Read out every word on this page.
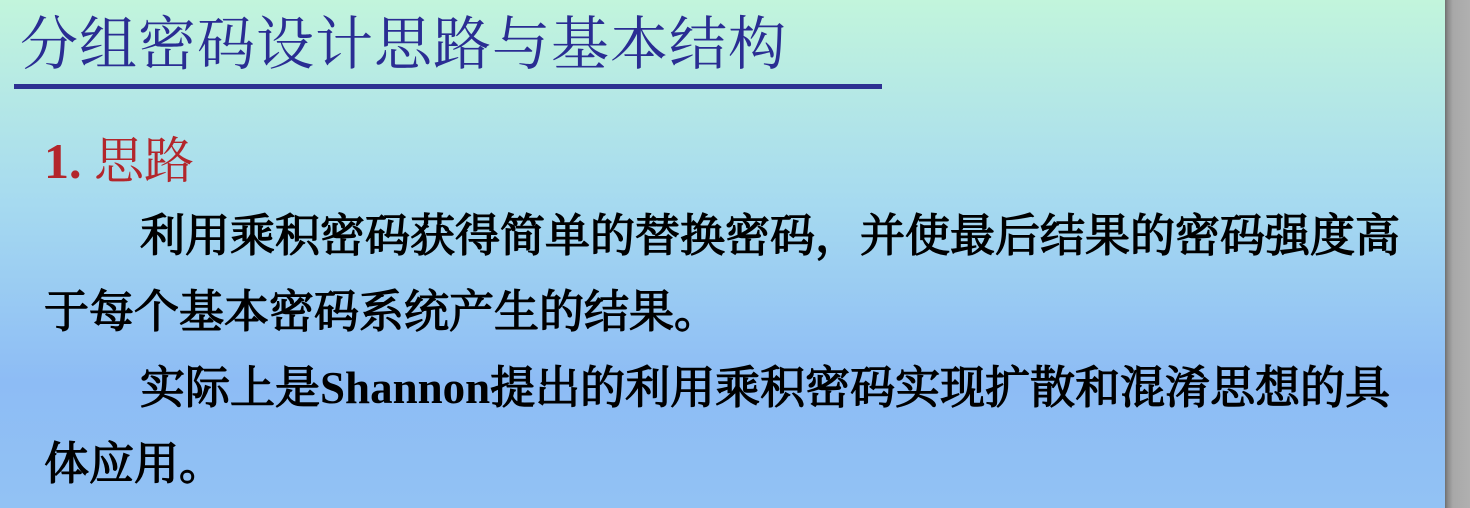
分组密码设计思路与基本结构
1. 思路

利用乘积密码获得简单的替换密码，并使最后结果的密码强度高于每个基本密码系统产生的结果。

实际上是Shannon提出的利用乘积密码实现扩散和混淆思想的具体应用。
